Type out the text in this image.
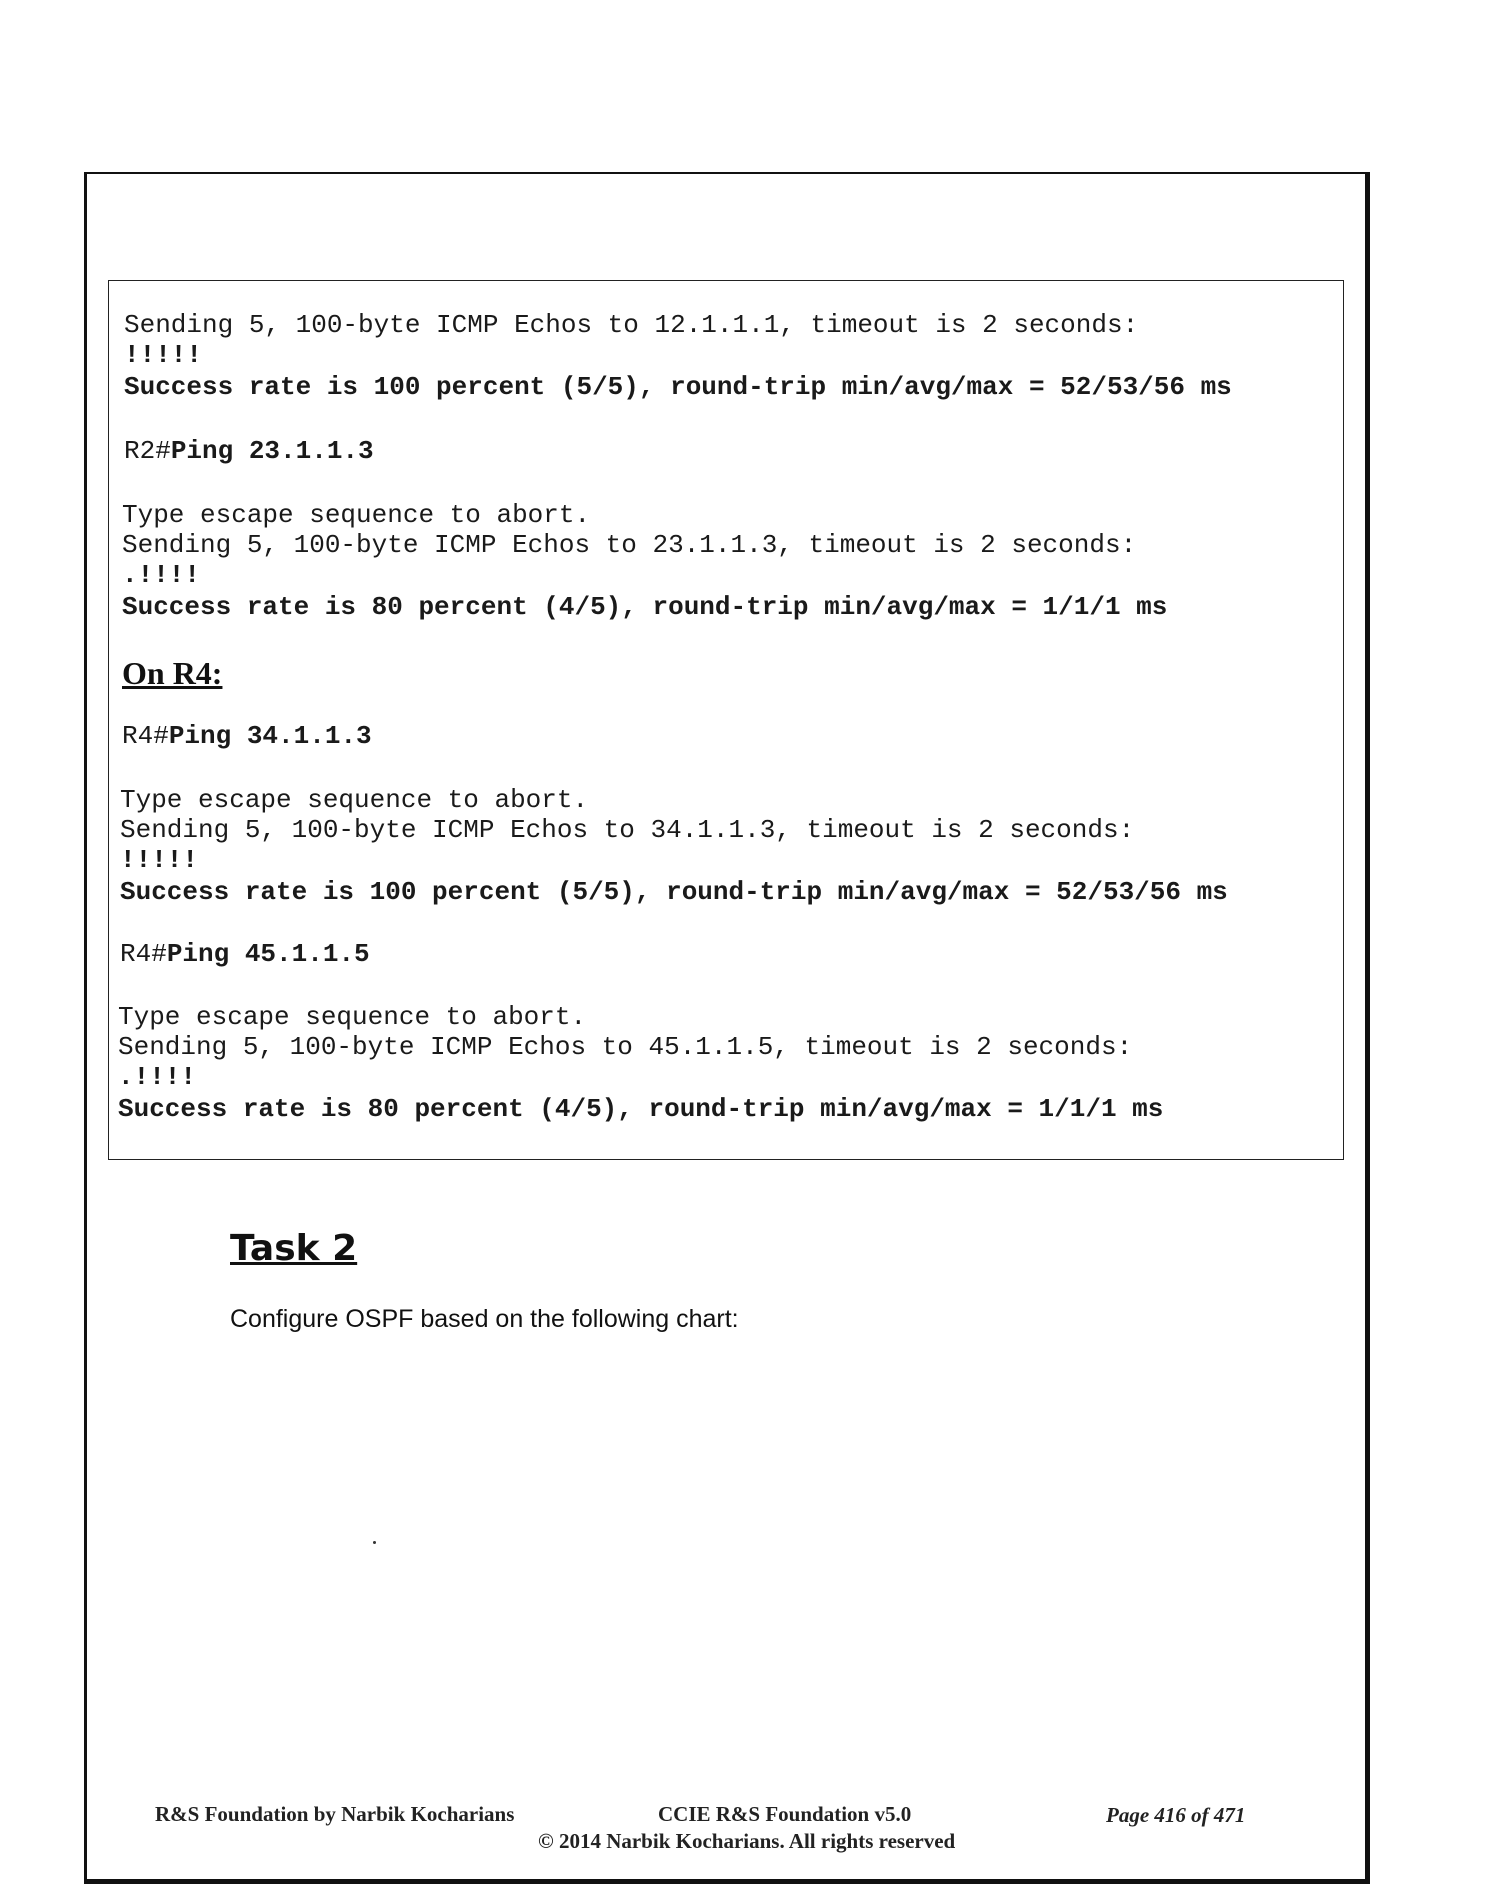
Sending 5, 100-byte ICMP Echos to 12.1.1.1, timeout is 2 seconds:
!!!!!
Success rate is 100 percent (5/5), round-trip min/avg/max = 52/53/56 ms
R2#Ping 23.1.1.3
Type escape sequence to abort.
Sending 5, 100-byte ICMP Echos to 23.1.1.3, timeout is 2 seconds:
.!!!!
Success rate is 80 percent (4/5), round-trip min/avg/max = 1/1/1 ms
On R4:
R4#Ping 34.1.1.3
Type escape sequence to abort.
Sending 5, 100-byte ICMP Echos to 34.1.1.3, timeout is 2 seconds:
!!!!!
Success rate is 100 percent (5/5), round-trip min/avg/max = 52/53/56 ms
R4#Ping 45.1.1.5
Type escape sequence to abort.
Sending 5, 100-byte ICMP Echos to 45.1.1.5, timeout is 2 seconds:
.!!!!
Success rate is 80 percent (4/5), round-trip min/avg/max = 1/1/1 ms
Task 2
Configure OSPF based on the following chart:
R&S Foundation by Narbik Kocharians	CCIE R&S Foundation v5.0
© 2014 Narbik Kocharians. All rights reserved
Page 416 of 471
